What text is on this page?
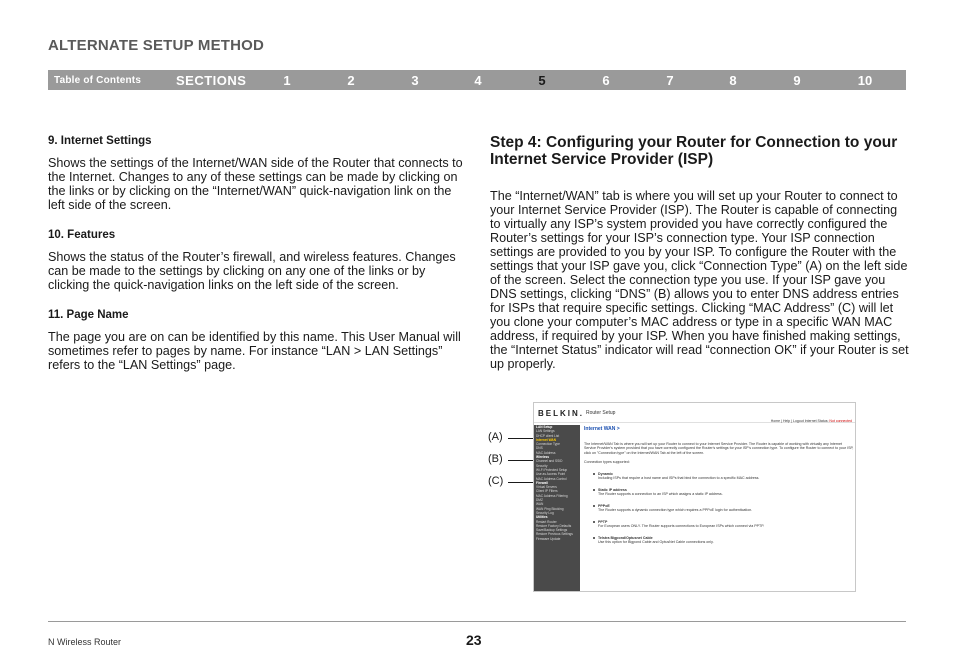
ALTERNATE SETUP METHOD
Table of Contents	SECTIONS	1	2	3	4	5	6	7	8	9	10
9. Internet Settings

Shows the settings of the Internet/WAN side of the Router that connects to the Internet. Changes to any of these settings can be made by clicking on the links or by clicking on the “Internet/WAN” quick-navigation link on the left side of the screen.

10. Features

Shows the status of the Router’s firewall, and wireless features. Changes can be made to the settings by clicking on any one of the links or by clicking the quick-navigation links on the left side of the screen.

11. Page Name

The page you are on can be identified by this name. This User Manual will sometimes refer to pages by name. For instance “LAN > LAN Settings” refers to the “LAN Settings” page.

Step 4: Configuring your Router for Connection to your Internet Service Provider (ISP)

The “Internet/WAN” tab is where you will set up your Router to connect to your Internet Service Provider (ISP). The Router is capable of connecting to virtually any ISP’s system provided you have correctly configured the Router’s settings for your ISP’s connection type. Your ISP connection settings are provided to you by your ISP. To configure the Router with the settings that your ISP gave you, click “Connection Type” (A) on the left side of the screen. Select the connection type you use. If your ISP gave you DNS settings, clicking “DNS” (B) allows you to enter DNS address entries for ISPs that require specific settings. Clicking “MAC Address” (C) will let you clone your computer’s MAC address or type in a specific WAN MAC address, if required by your ISP. When you have finished making settings, the “Internet Status” indicator will read “connection OK” if your Router is set up properly.

(A)
(B)
(C)
BELKIN. Router Setup
Home | Help | Logout Internet Status: Not connected
LAN Setup
LAN Settings
DHCP client List
Internet WAN
Connection Type
DNS
MAC Address
Wireless
Channel and SSID
Security
Wi-Fi Protected Setup
Use as Access Point
MAC Address Control
Firewall
Virtual Servers
Client IP Filters
MAC Address Filtering
DMZ
WAN
WAN Ping Blocking
Security Log
Utilities
Restart Router
Restore Factory Defaults
Save/Backup Settings
Restore Previous Settings
Firmware Update
Internet WAN >
The Internet/WAN Tab is where you will set up your Router to connect to your Internet Service Provider. The Router is capable of working with virtually any Internet Service Provider's system provided that you have correctly configured the Router's settings for your ISP's connection type. To configure the Router to connect to your ISP, click on "Connection type" on the Internet/WAN Tab at the left of the screen.
Connection types supported:
Dynamic
Including ISPs that require a host name and ISPs that bind the connection to a specific MAC address.
Static IP address
The Router supports a connection to an ISP which assigns a static IP address.
PPPoE
The Router supports a dynamic connection type which requires a PPPoE login for authentication.
PPTP
For European users ONLY. The Router supports connections to European ISPs which connect via PPTP.
Telstra Bigpond/Optusnet Cable
Use this option for Bigpond Cable and OptusNet Cable connections only.
N Wireless Router	23
